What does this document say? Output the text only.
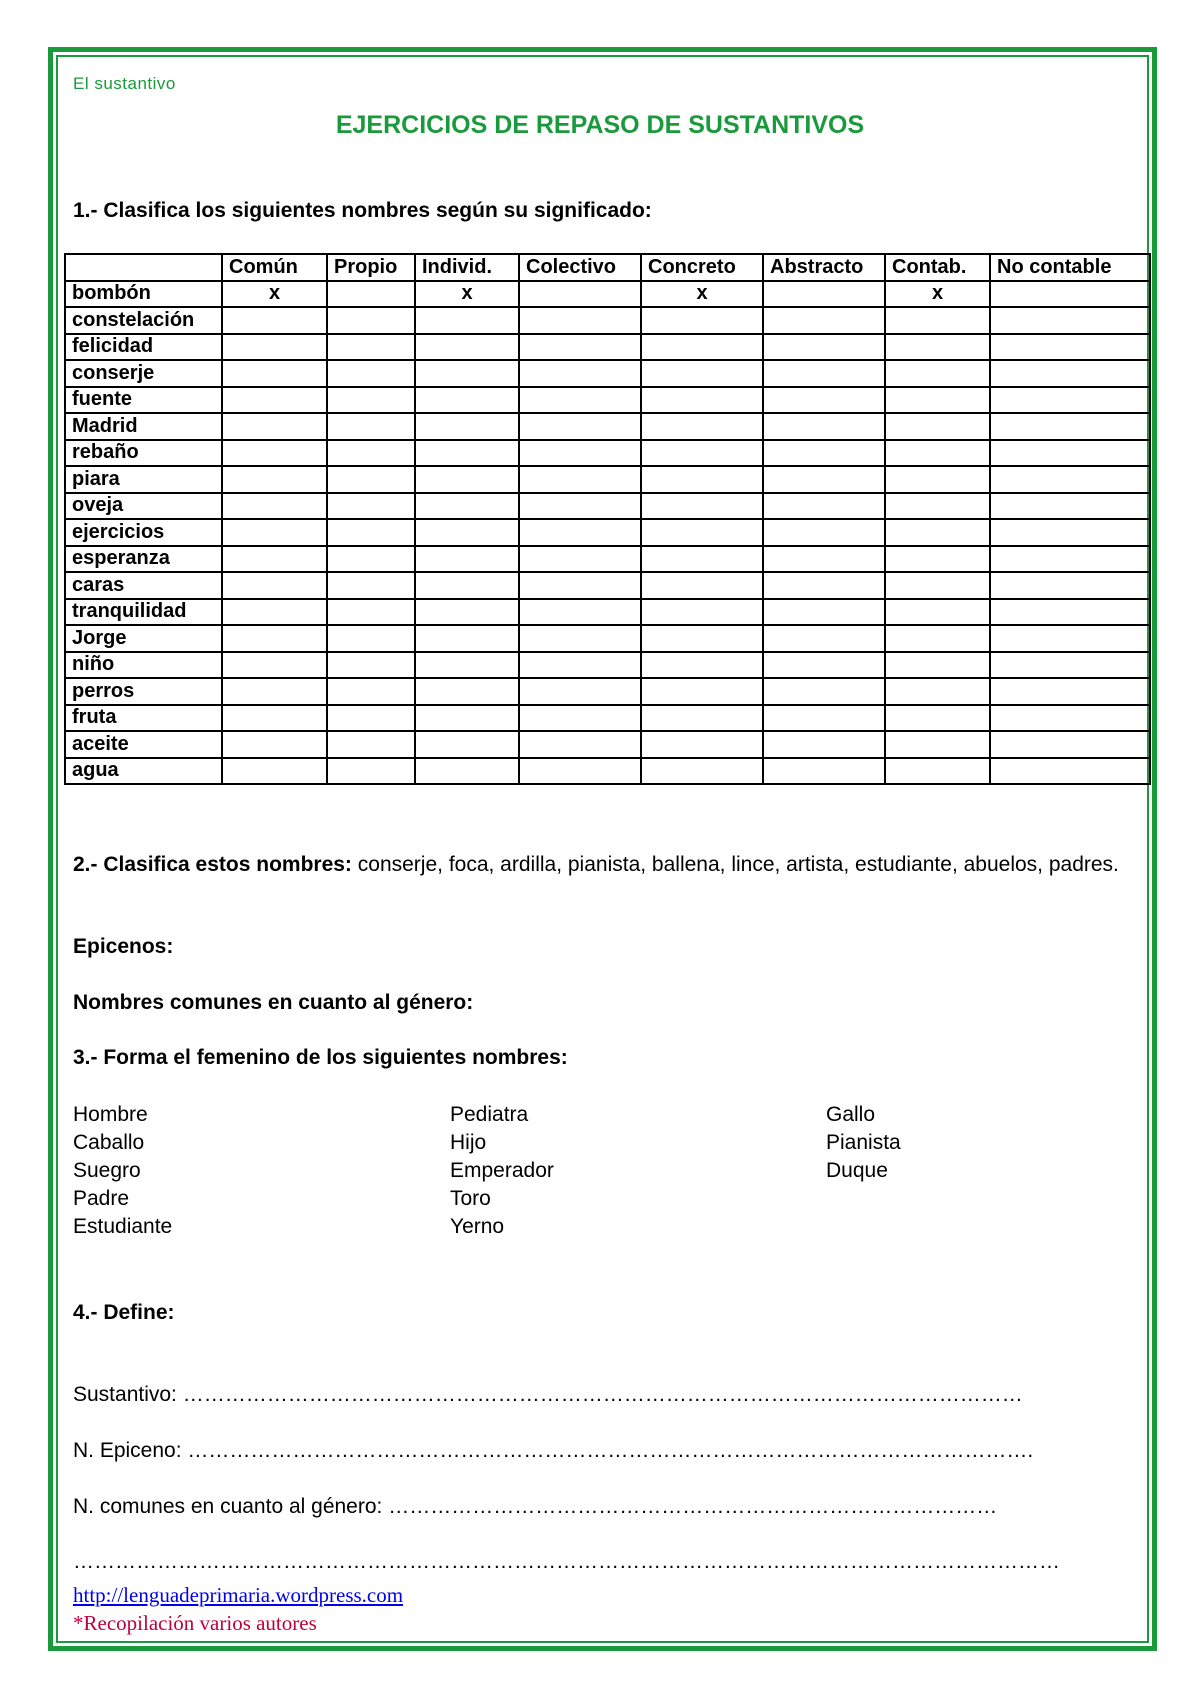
El sustantivo
EJERCICIOS DE REPASO DE SUSTANTIVOS
1.- Clasifica los siguientes nombres según su significado:
	Común	Propio	Individ.	Colectivo	Concreto	Abstracto	Contab.	No contable
bombón	x		x		x		x	
constelación								
felicidad								
conserje								
fuente								
Madrid								
rebaño								
piara								
oveja								
ejercicios								
esperanza								
caras								
tranquilidad								
Jorge								
niño								
perros								
fruta								
aceite								
agua								
2.- Clasifica estos nombres: conserje, foca, ardilla, pianista, ballena, lince, artista, estudiante, abuelos, padres.
Epicenos:
Nombres comunes en cuanto al género:
3.- Forma el femenino de los siguientes nombres:
Hombre
Caballo
Suegro
Padre
Estudiante
Pediatra
Hijo
Emperador
Toro
Yerno
Gallo
Pianista
Duque
4.- Define:
Sustantivo: …………………………………………………………………………………………………………
N. Epiceno: ………………………………………………………………………………………………………….
N. comunes en cuanto al género: ……………………………………………………………………………
……………………………………………………………………………………………………………………………
http://lenguadeprimaria.wordpress.com
*Recopilación varios autores
